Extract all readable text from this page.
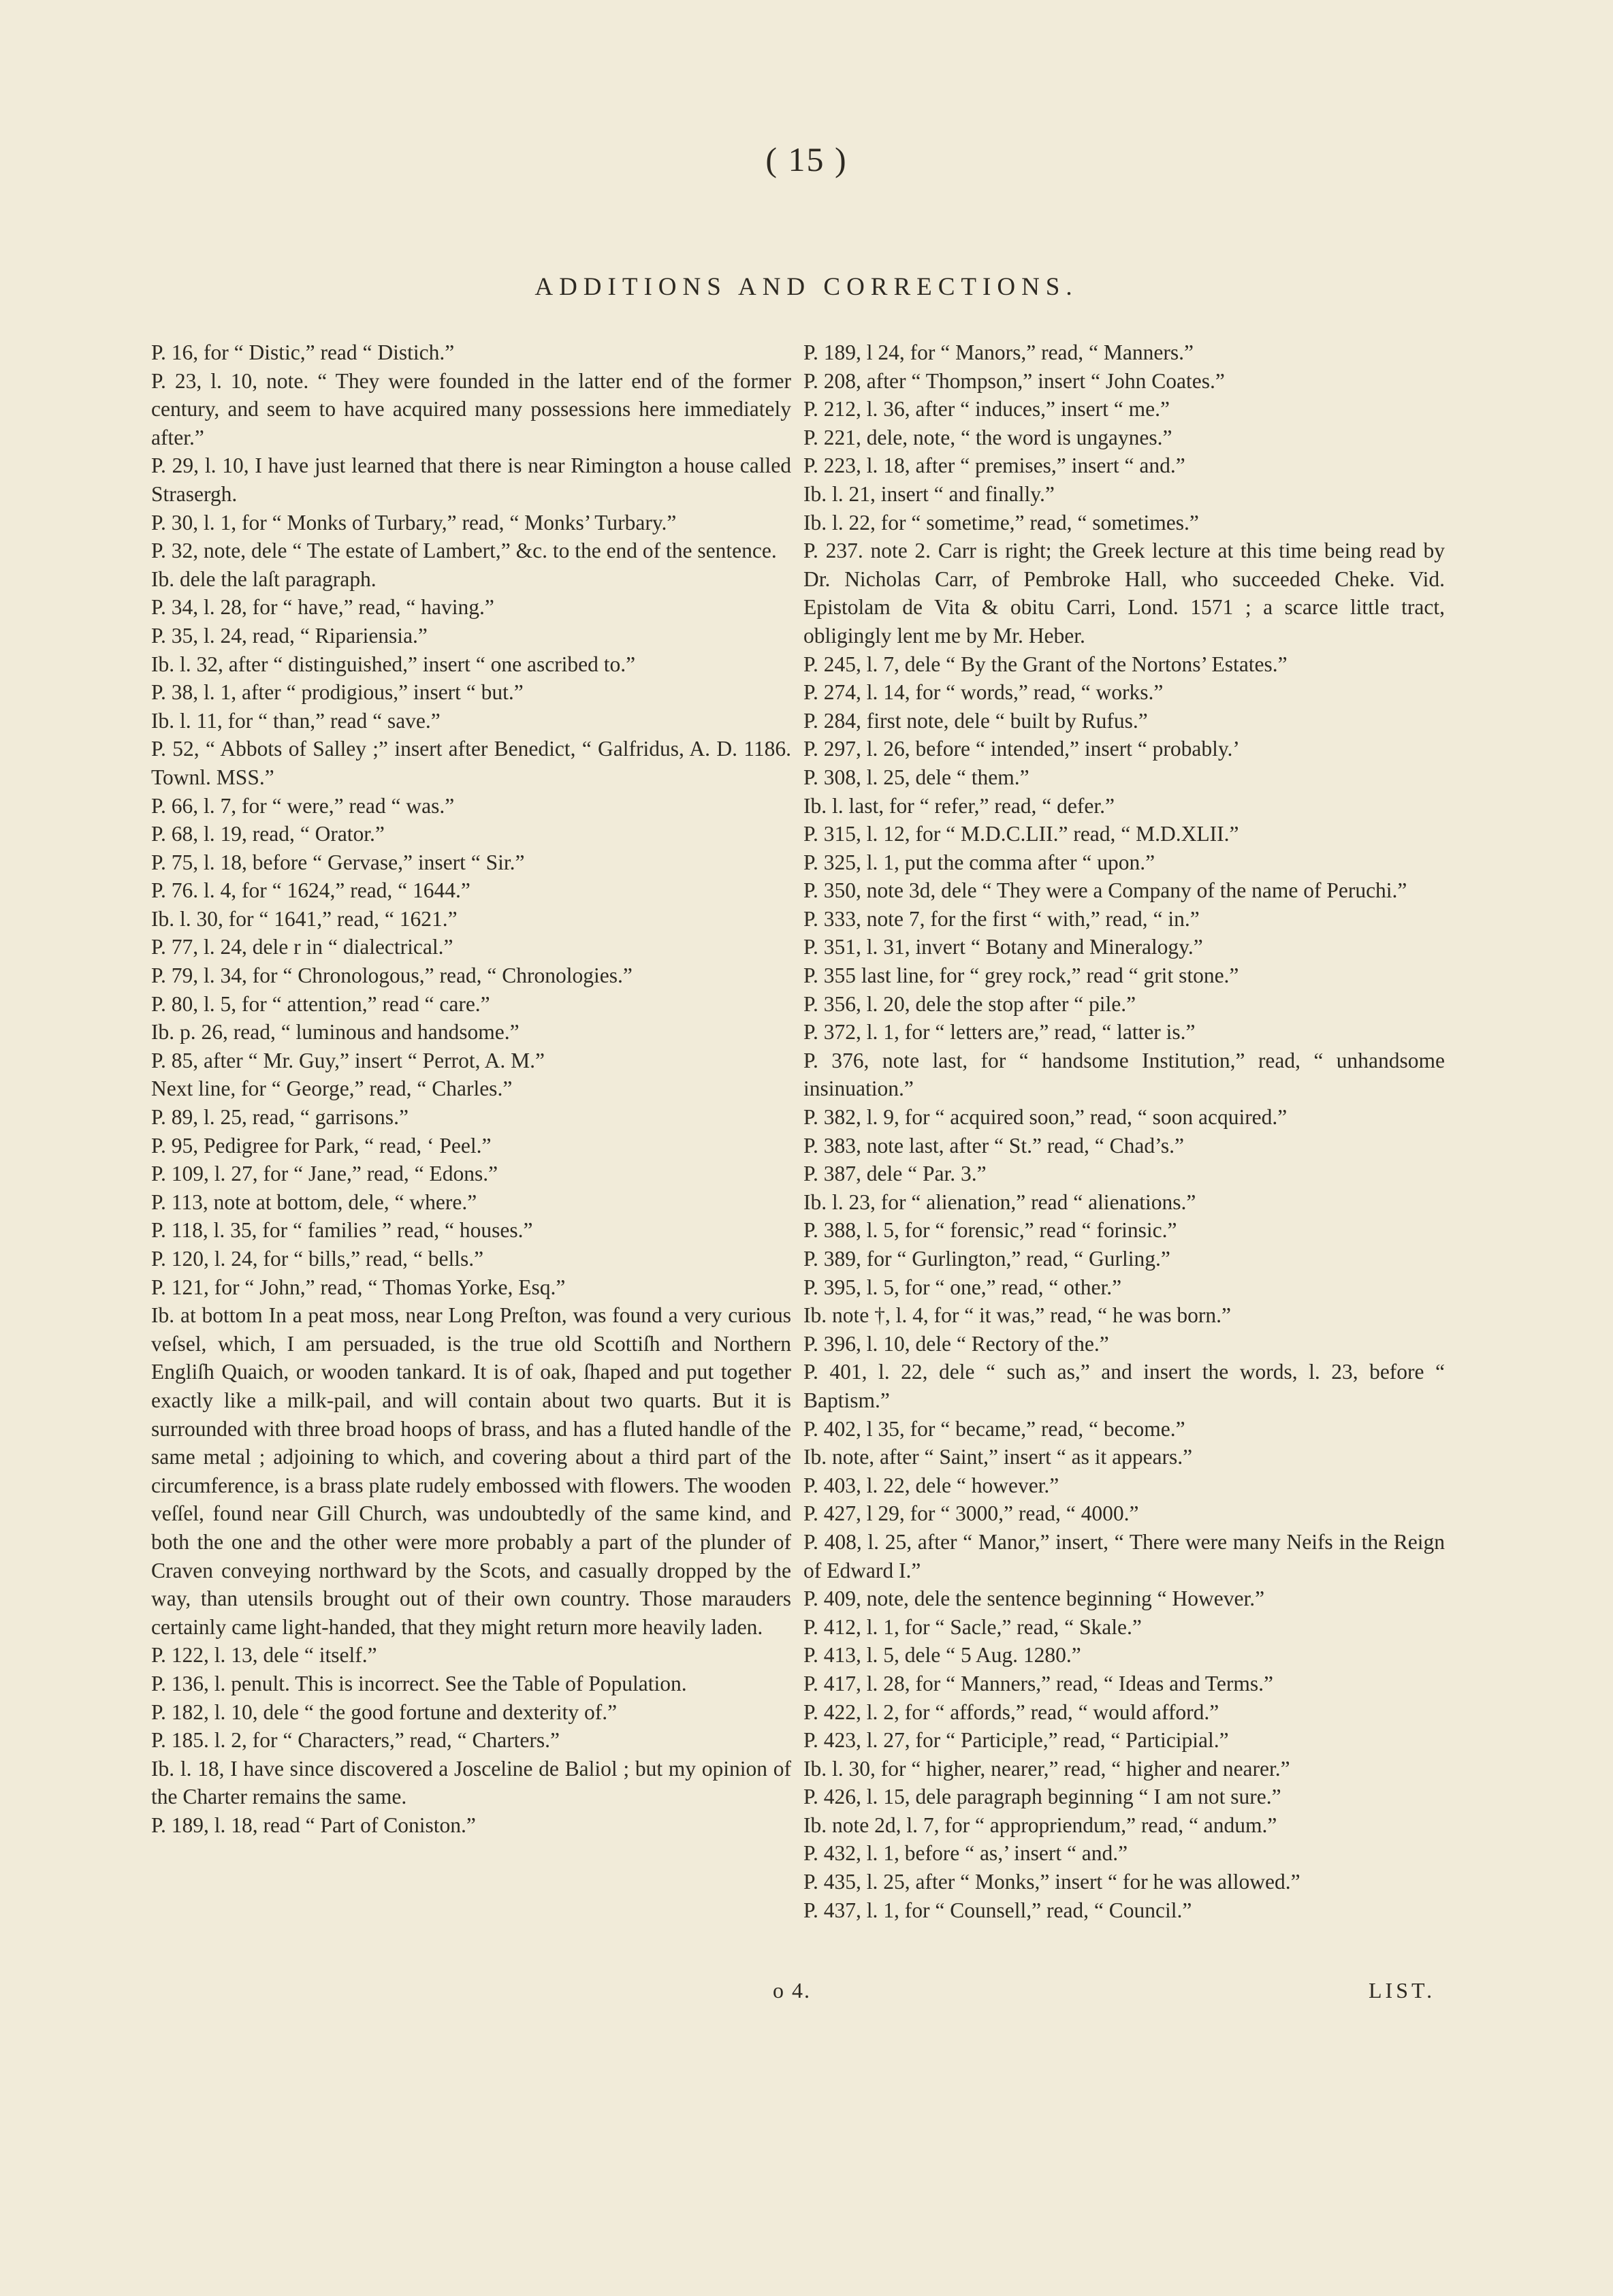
( 15 )
ADDITIONS AND CORRECTIONS.

P. 16, for “ Distic,” read “ Distich.”

P. 23, l. 10, note. “ They were founded in the latter end of the former century, and seem to have acquired many possessions here immediately after.”

P. 29, l. 10, I have just learned that there is near Rimington a house called Strasergh.

P. 30, l. 1, for “ Monks of Turbary,” read, “ Monks’ Turbary.”

P. 32, note, dele “ The estate of Lambert,” &c. to the end of the sentence.

Ib. dele the laſt paragraph.

P. 34, l. 28, for “ have,” read, “ having.”

P. 35, l. 24, read, “ Ripariensia.”

Ib. l. 32, after “ distinguished,” insert “ one ascribed to.”

P. 38, l. 1, after “ prodigious,” insert “ but.”

Ib. l. 11, for “ than,” read “ save.”

P. 52, “ Abbots of Salley ;” insert after Benedict, “ Galfridus, A. D. 1186. Townl. MSS.”

P. 66, l. 7, for “ were,” read “ was.”

P. 68, l. 19, read, “ Orator.”

P. 75, l. 18, before “ Gervase,” insert “ Sir.”

P. 76. l. 4, for “ 1624,” read, “ 1644.”

Ib. l. 30, for “ 1641,” read, “ 1621.”

P. 77, l. 24, dele r in “ dialectrical.”

P. 79, l. 34, for “ Chronologous,” read, “ Chronologies.”

P. 80, l. 5, for “ attention,” read “ care.”

Ib. p. 26, read, “ luminous and handsome.”

P. 85, after “ Mr. Guy,” insert “ Perrot, A. M.”

Next line, for “ George,” read, “ Charles.”

P. 89, l. 25, read, “ garrisons.”

P. 95, Pedigree for Park, “ read, ‘ Peel.”

P. 109, l. 27, for “ Jane,” read, “ Edons.”

P. 113, note at bottom, dele, “ where.”

P. 118, l. 35, for “ families ” read, “ houses.”

P. 120, l. 24, for “ bills,” read, “ bells.”

P. 121, for “ John,” read, “ Thomas Yorke, Esq.”

Ib. at bottom In a peat moss, near Long Preſton, was found a very curious veſsel, which, I am persuaded, is the true old Scottiſh and Northern Engliſh Quaich, or wooden tankard. It is of oak, ſhaped and put together exactly like a milk-pail, and will contain about two quarts. But it is surrounded with three broad hoops of brass, and has a fluted handle of the same metal ; adjoining to which, and covering about a third part of the circumference, is a brass plate rudely embossed with flowers. The wooden veſſel, found near Gill Church, was undoubtedly of the same kind, and both the one and the other were more probably a part of the plunder of Craven conveying northward by the Scots, and casually dropped by the way, than utensils brought out of their own country. Those marauders certainly came light-handed, that they might return more heavily laden.

P. 122, l. 13, dele “ itself.”

P. 136, l. penult. This is incorrect. See the Table of Population.

P. 182, l. 10, dele “ the good fortune and dexterity of.”

P. 185. l. 2, for “ Characters,” read, “ Charters.”

Ib. l. 18, I have since discovered a Josceline de Baliol ; but my opinion of the Charter remains the same.

P. 189, l. 18, read “ Part of Coniston.”

P. 189, l 24, for “ Manors,” read, “ Manners.”

P. 208, after “ Thompson,” insert “ John Coates.”

P. 212, l. 36, after “ induces,” insert “ me.”

P. 221, dele, note, “ the word is ungaynes.”

P. 223, l. 18, after “ premises,” insert “ and.”

Ib. l. 21, insert “ and finally.”

Ib. l. 22, for “ sometime,” read, “ sometimes.”

P. 237. note 2. Carr is right; the Greek lecture at this time being read by Dr. Nicholas Carr, of Pembroke Hall, who succeeded Cheke. Vid. Epistolam de Vita & obitu Carri, Lond. 1571 ; a scarce little tract, obligingly lent me by Mr. Heber.

P. 245, l. 7, dele “ By the Grant of the Nortons’ Estates.”

P. 274, l. 14, for “ words,” read, “ works.”

P. 284, first note, dele “ built by Rufus.”

P. 297, l. 26, before “ intended,” insert “ probably.’

P. 308, l. 25, dele “ them.”

Ib. l. last, for “ refer,” read, “ defer.”

P. 315, l. 12, for “ M.D.C.LII.” read, “ M.D.XLII.”

P. 325, l. 1, put the comma after “ upon.”

P. 350, note 3d, dele “ They were a Company of the name of Peruchi.”

P. 333, note 7, for the first “ with,” read, “ in.”

P. 351, l. 31, invert “ Botany and Mineralogy.”

P. 355 last line, for “ grey rock,” read “ grit stone.”

P. 356, l. 20, dele the stop after “ pile.”

P. 372, l. 1, for “ letters are,” read, “ latter is.”

P. 376, note last, for “ handsome Institution,” read, “ unhandsome insinuation.”

P. 382, l. 9, for “ acquired soon,” read, “ soon acquired.”

P. 383, note last, after “ St.” read, “ Chad’s.”

P. 387, dele “ Par. 3.”

Ib. l. 23, for “ alienation,” read “ alienations.”

P. 388, l. 5, for “ forensic,” read “ forinsic.”

P. 389, for “ Gurlington,” read, “ Gurling.”

P. 395, l. 5, for “ one,” read, “ other.”

Ib. note †, l. 4, for “ it was,” read, “ he was born.”

P. 396, l. 10, dele “ Rectory of the.”

P. 401, l. 22, dele “ such as,” and insert the words, l. 23, before “ Baptism.”

P. 402, l 35, for “ became,” read, “ become.”

Ib. note, after “ Saint,” insert “ as it appears.”

P. 403, l. 22, dele “ however.”

P. 427, l 29, for “ 3000,” read, “ 4000.”

P. 408, l. 25, after “ Manor,” insert, “ There were many Neifs in the Reign of Edward I.”

P. 409, note, dele the sentence beginning “ However.”

P. 412, l. 1, for “ Sacle,” read, “ Skale.”

P. 413, l. 5, dele “ 5 Aug. 1280.”

P. 417, l. 28, for “ Manners,” read, “ Ideas and Terms.”

P. 422, l. 2, for “ affords,” read, “ would afford.”

P. 423, l. 27, for “ Participle,” read, “ Participial.”

Ib. l. 30, for “ higher, nearer,” read, “ higher and nearer.”

P. 426, l. 15, dele paragraph beginning “ I am not sure.”

Ib. note 2d, l. 7, for “ appropriendum,” read, “ andum.”

P. 432, l. 1, before “ as,’ insert “ and.”

P. 435, l. 25, after “ Monks,” insert “ for he was allowed.”

P. 437, l. 1, for “ Counsell,” read, “ Council.”

o 4.	LIST.
